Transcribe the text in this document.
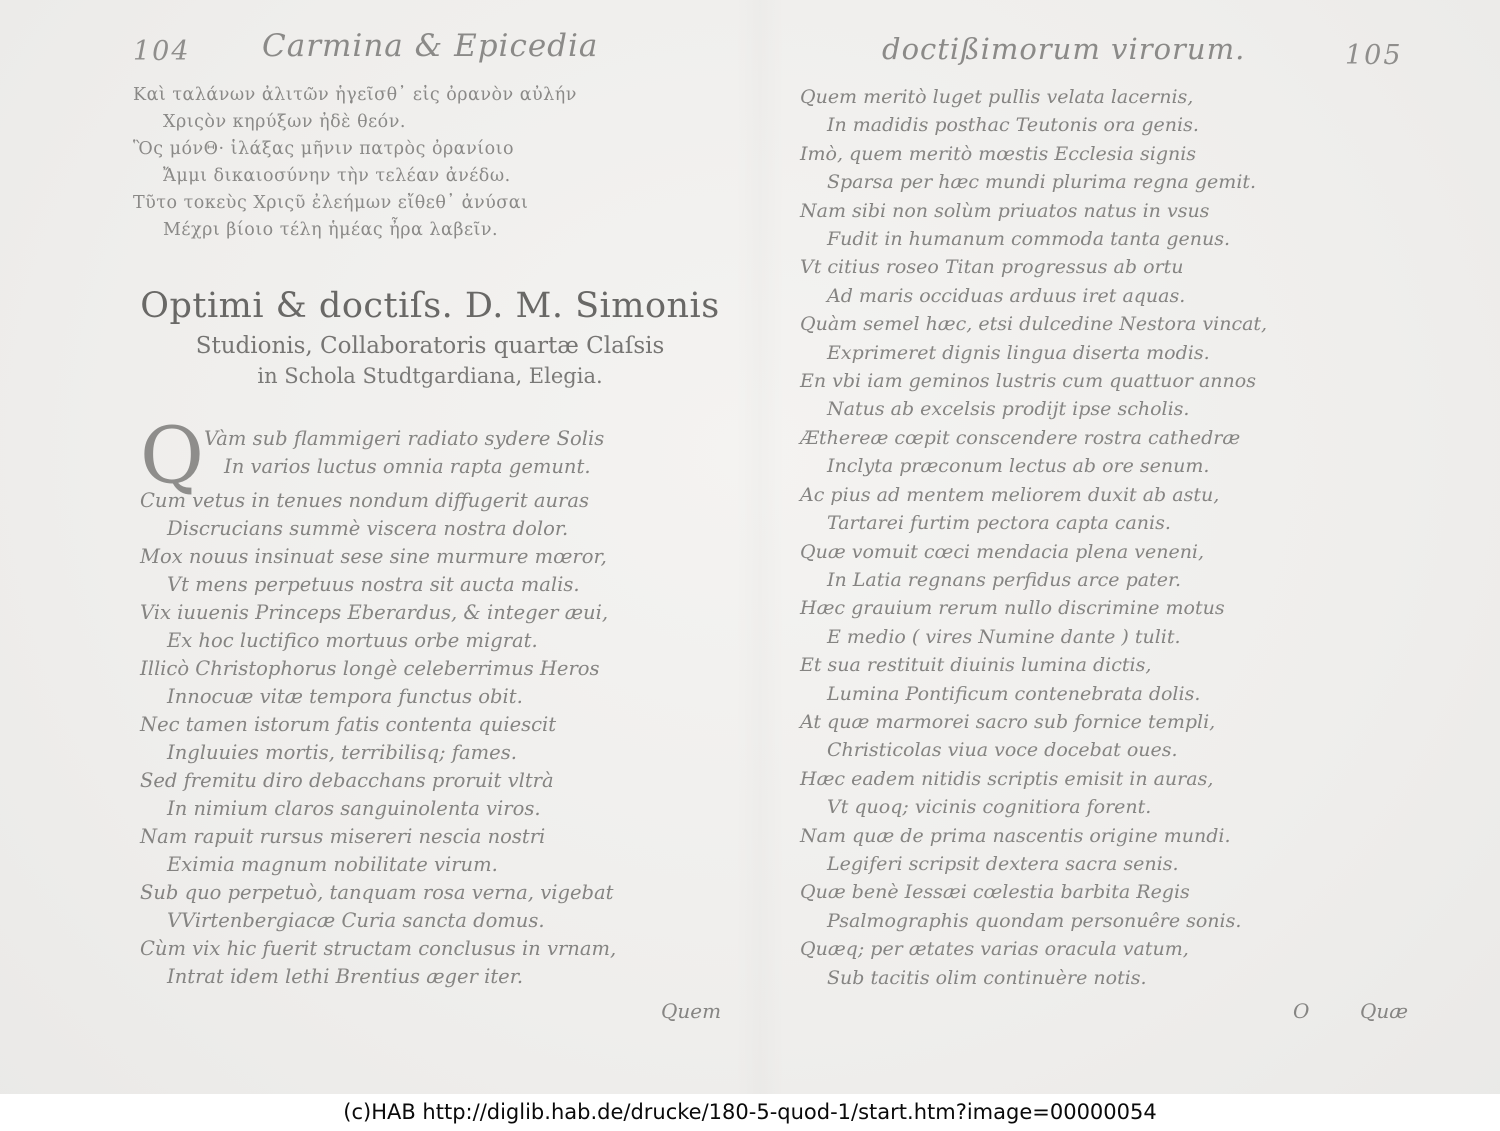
104 Carmina & Epicedia
Καὶ ταλάνων ἀλιτῶν ἡγεῖσθ᾽ εἰς ὀρανὸν αὐλήν
Χριςὸν κηρύξων ἠδὲ θεόν.
Ὃς μόνΘ· ἱλάξας μῆνιν πατρὸς ὀρανίοιο
Ἄμμι δικαιοσύνην τὴν τελέαν ἀνέδω.
Τῦτο τοκεὺς Χριςῦ ἐλεήμων εἴθεθ᾽ ἀνύσαι
Μέχρι βίοιο τέλη ἡμέας ἦρα λαβεῖν.
Optimi & doctiſs. D. M. Simonis
Studionis, Collaboratoris quartæ Claſsis
in Schola Studtgardiana, Elegia.
Q Vàm sub flammigeri radiato sydere Solis
In varios luctus omnia rapta gemunt.
Cum vetus in tenues nondum diffugerit auras
Discrucians summè viscera nostra dolor.
Mox nouus insinuat sese sine murmure mœror,
Vt mens perpetuus nostra sit aucta malis.
Vix iuuenis Princeps Eberardus, & integer æui,
Ex hoc luctifico mortuus orbe migrat.
Illicò Christophorus longè celeberrimus Heros
Innocuæ vitæ tempora functus obit.
Nec tamen istorum fatis contenta quiescit
Ingluuies mortis, terribilisq; fames.
Sed fremitu diro debacchans proruit vltrà
In nimium claros sanguinolenta viros.
Nam rapuit rursus misereri nescia nostri
Eximia magnum nobilitate virum.
Sub quo perpetuò, tanquam rosa verna, vigebat
VVirtenbergiacæ Curia sancta domus.
Cùm vix hic fuerit structam conclusus in vrnam,
Intrat idem lethi Brentius æger iter.
Quem
doctißimorum virorum.	105
Quem meritò luget pullis velata lacernis,
In madidis posthac Teutonis ora genis.
Imò, quem meritò mœstis Ecclesia signis
Sparsa per hæc mundi plurima regna gemit.
Nam sibi non solùm priuatos natus in vsus
Fudit in humanum commoda tanta genus.
Vt citius roseo Titan progressus ab ortu
Ad maris occiduas arduus iret aquas.
Quàm semel hæc, etsi dulcedine Nestora vincat,
Exprimeret dignis lingua diserta modis.
En vbi iam geminos lustris cum quattuor annos
Natus ab excelsis prodijt ipse scholis.
Æthereæ cœpit conscendere rostra cathedræ
Inclyta præconum lectus ab ore senum.
Ac pius ad mentem meliorem duxit ab astu,
Tartarei furtim pectora capta canis.
Quæ vomuit cœci mendacia plena veneni,
In Latia regnans perfidus arce pater.
Hæc grauium rerum nullo discrimine motus
E medio ( vires Numine dante ) tulit.
Et sua restituit diuinis lumina dictis,
Lumina Pontificum contenebrata dolis.
At quæ marmorei sacro sub fornice templi,
Christicolas viua voce docebat oues.
Hæc eadem nitidis scriptis emisit in auras,
Vt quoq; vicinis cognitiora forent.
Nam quæ de prima nascentis origine mundi.
Legiferi scripsit dextera sacra senis.
Quæ benè Iessæi cœlestia barbita Regis
Psalmographis quondam personuêre sonis.
Quæq; per ætates varias oracula vatum,
Sub tacitis olim continuère notis.
O	Quæ
(c)HAB http://diglib.hab.de/drucke/180-5-quod-1/start.htm?image=00000054
